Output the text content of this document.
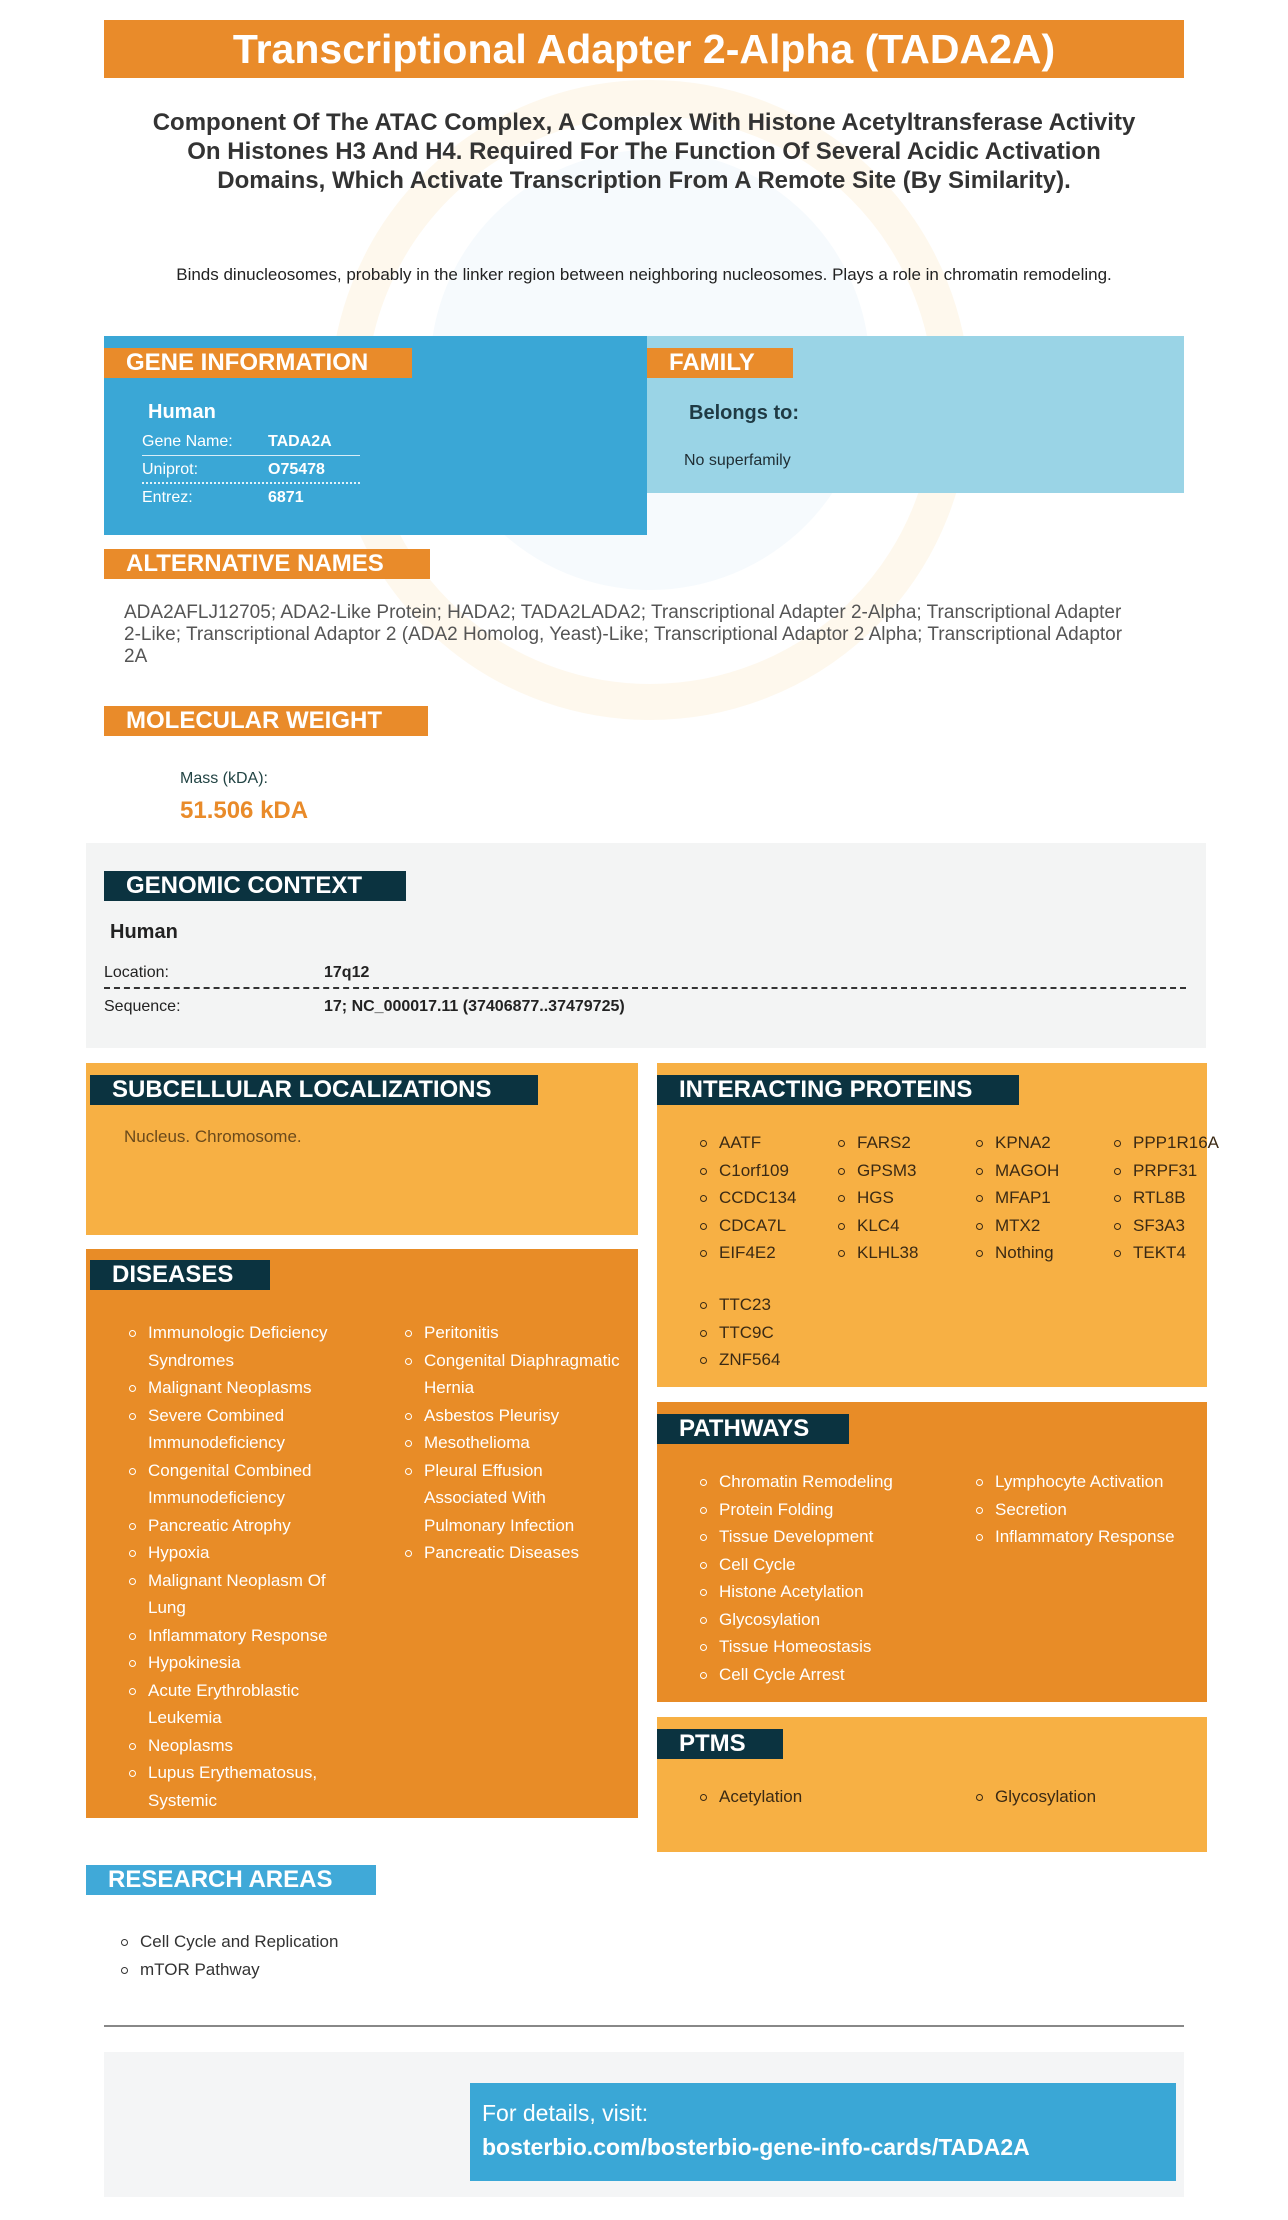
Transcriptional Adapter 2-Alpha (TADA2A)
Component Of The ATAC Complex, A Complex With Histone Acetyltransferase Activity On Histones H3 And H4. Required For The Function Of Several Acidic Activation Domains, Which Activate Transcription From A Remote Site (By Similarity).
Binds dinucleosomes, probably in the linker region between neighboring nucleosomes. Plays a role in chromatin remodeling.
GENE INFORMATION
Human
Gene Name: TADA2A
Uniprot:	O75478
Entrez:	6871
FAMILY
Belongs to:
No superfamily
ALTERNATIVE NAMES
ADA2AFLJ12705; ADA2-Like Protein; HADA2; TADA2LADA2; Transcriptional Adapter 2-Alpha; Transcriptional Adapter 2-Like; Transcriptional Adaptor 2 (ADA2 Homolog, Yeast)-Like; Transcriptional Adaptor 2 Alpha; Transcriptional Adaptor 2A
MOLECULAR WEIGHT
Mass (kDA):
51.506 kDA
GENOMIC CONTEXT
Human
Location:	17q12
Sequence:	17; NC_000017.11 (37406877..37479725)
SUBCELLULAR LOCALIZATIONS
Nucleus. Chromosome.
DISEASES
Immunologic Deficiency Syndromes
Malignant Neoplasms
Severe Combined Immunodeficiency
Congenital Combined Immunodeficiency
Pancreatic Atrophy
Hypoxia
Malignant Neoplasm Of Lung
Inflammatory Response
Hypokinesia
Acute Erythroblastic Leukemia
Neoplasms
Lupus Erythematosus, Systemic
Peritonitis
Congenital Diaphragmatic Hernia
Asbestos Pleurisy
Mesothelioma
Pleural Effusion Associated With Pulmonary Infection
Pancreatic Diseases
INTERACTING PROTEINS
AATF
C1orf109
CCDC134
CDCA7L
EIF4E2
FARS2
GPSM3
HGS
KLC4
KLHL38
KPNA2
MAGOH
MFAP1
MTX2
Nothing
PPP1R16A
PRPF31
RTL8B
SF3A3
TEKT4
TTC23
TTC9C
ZNF564
PATHWAYS
Chromatin Remodeling
Protein Folding
Tissue Development
Cell Cycle
Histone Acetylation
Glycosylation
Tissue Homeostasis
Cell Cycle Arrest
Lymphocyte Activation
Secretion
Inflammatory Response
PTMS
Acetylation	Glycosylation
RESEARCH AREAS
Cell Cycle and Replication
mTOR Pathway
For details, visit:
bosterbio.com/bosterbio-gene-info-cards/TADA2A
